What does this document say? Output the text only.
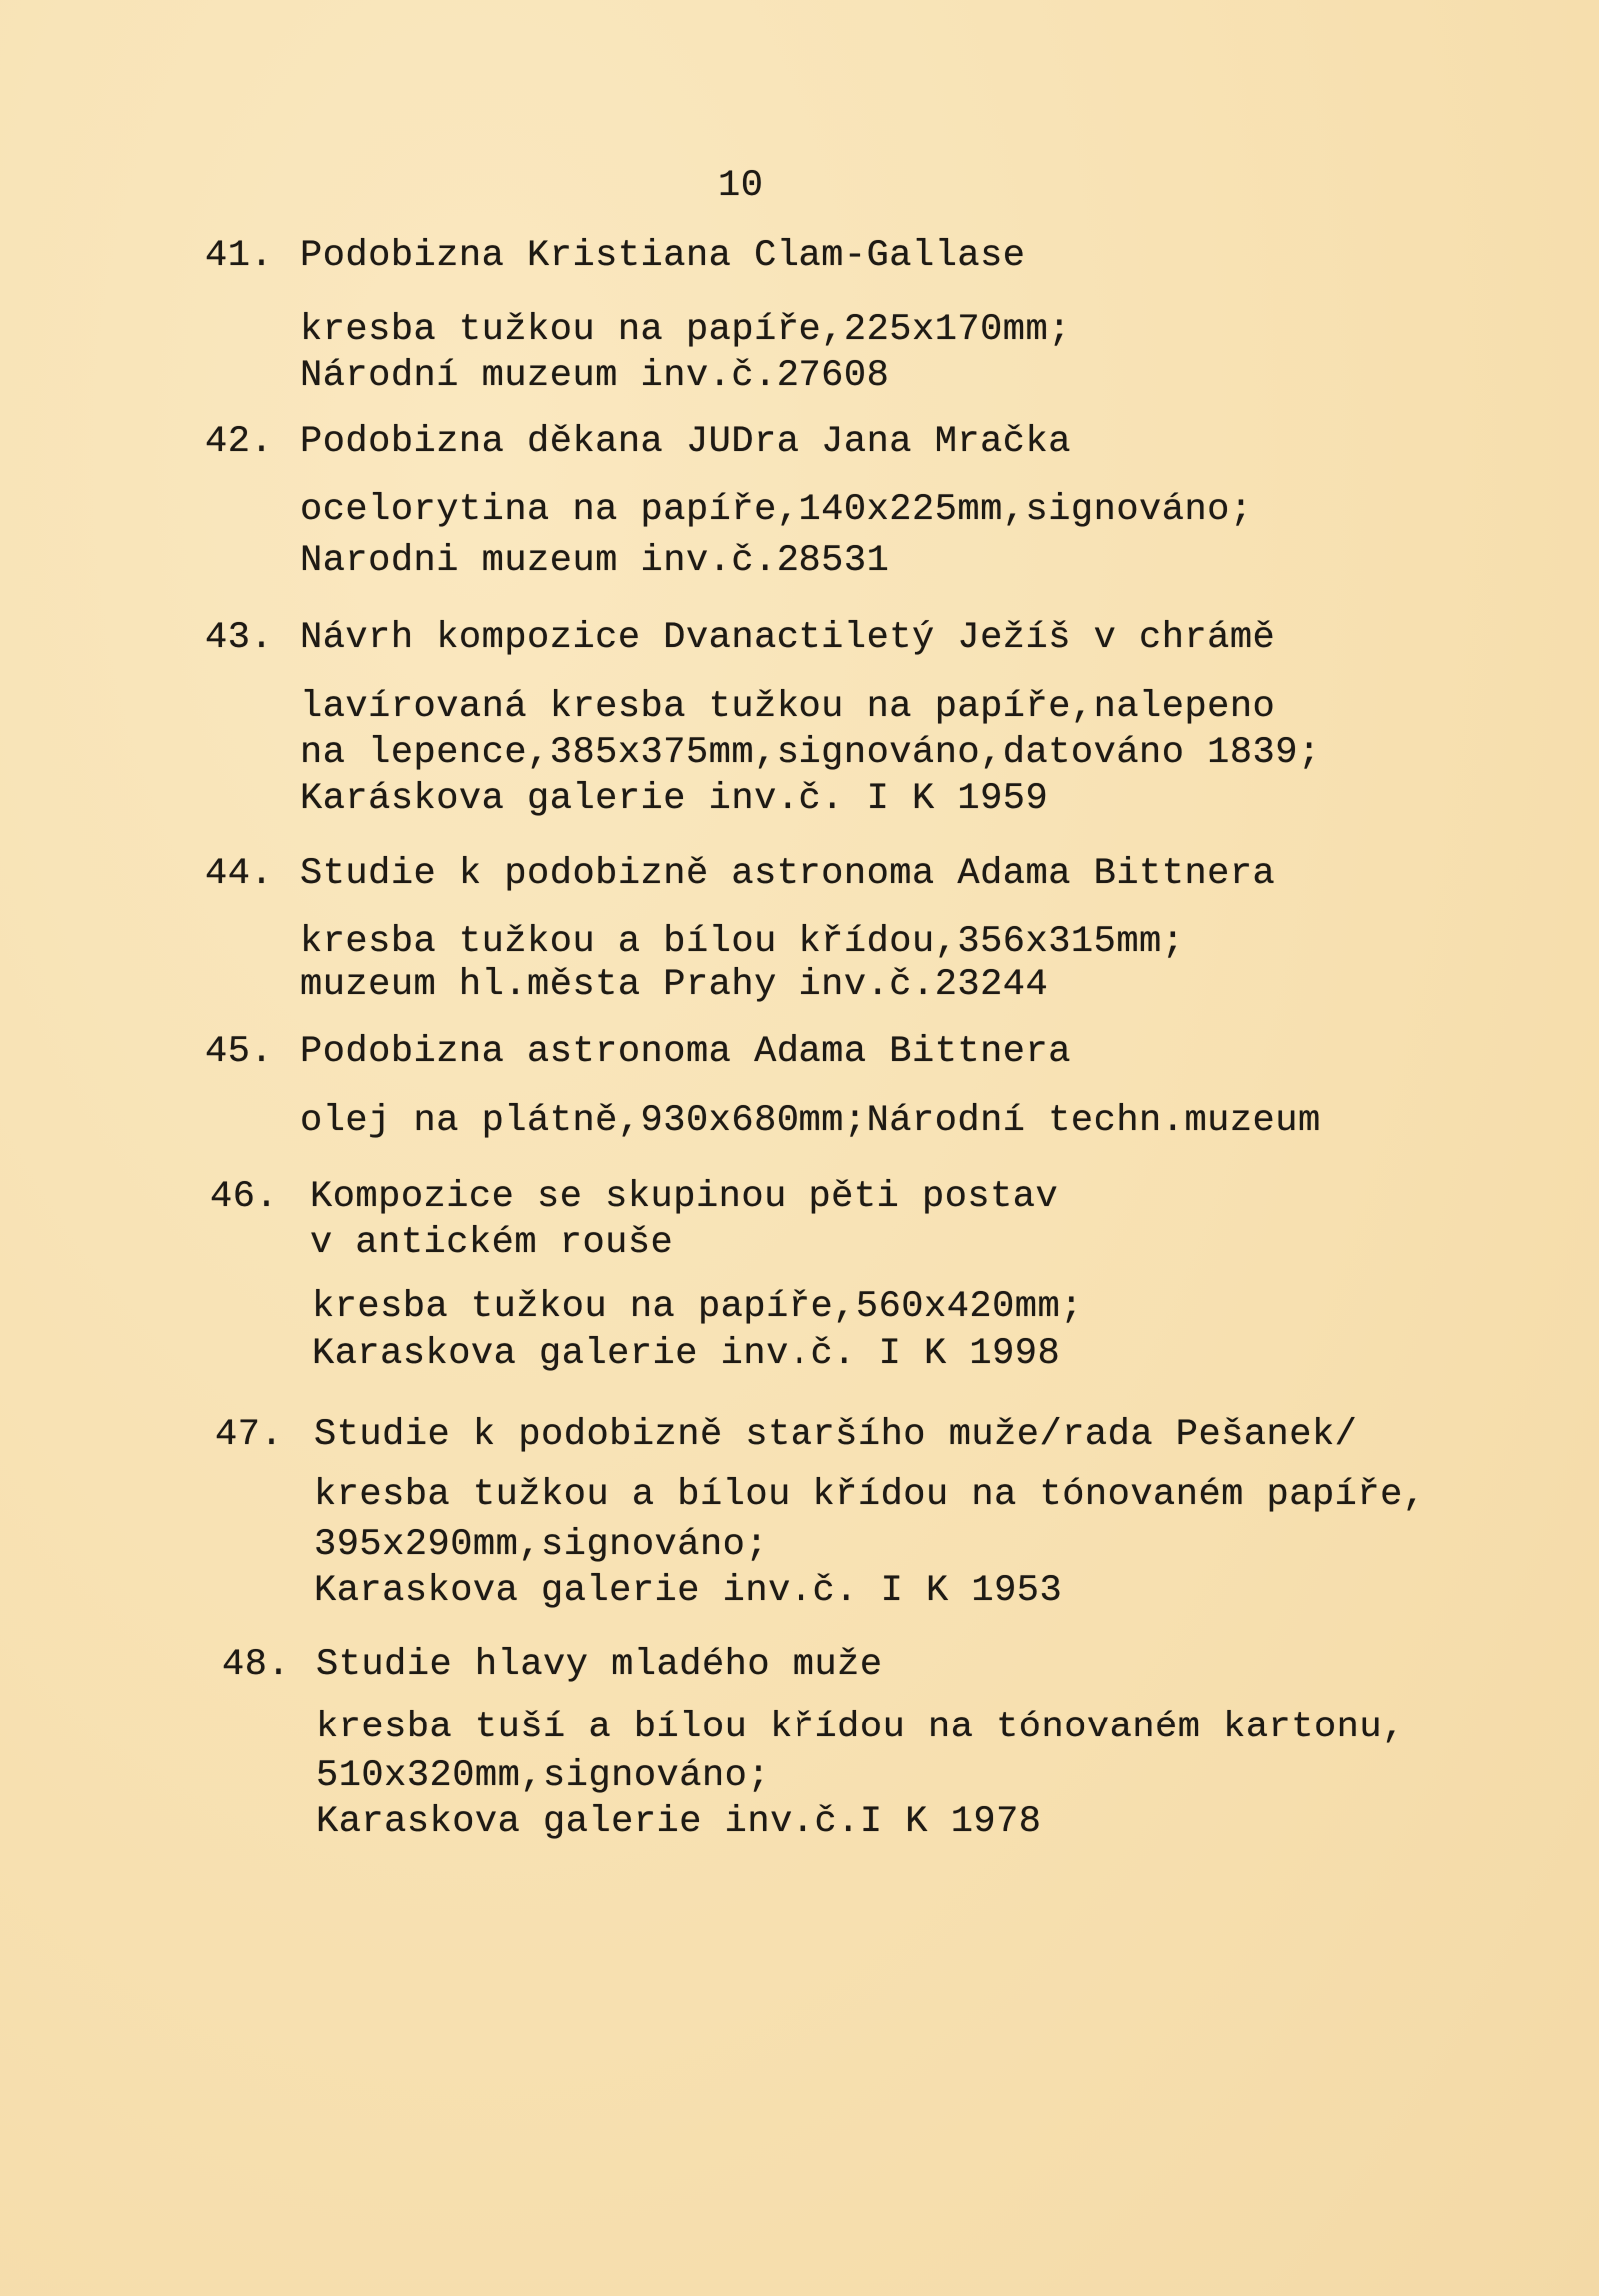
10
41. Podobizna Kristiana Clam-Gallase
kresba tužkou na papíře,225x170mm;
Národní muzeum inv.č.27608
42. Podobizna děkana JUDra Jana Mračka
ocelorytina na papíře,140x225mm,signováno;
Narodni muzeum inv.č.28531
43. Návrh kompozice Dvanactiletý Ježíš v chrámě
lavírovaná kresba tužkou na papíře,nalepeno
na lepence,385x375mm,signováno,datováno 1839;
Karáskova galerie inv.č. I K 1959
44. Studie k podobizně astronoma Adama Bittnera
kresba tužkou a bílou křídou,356x315mm;
muzeum hl.města Prahy inv.č.23244
45. Podobizna astronoma Adama Bittnera
olej na plátně,930x680mm;Národní techn.muzeum
46. Kompozice se skupinou pěti postav
v antickém rouše
kresba tužkou na papíře,560x420mm;
Karaskova galerie inv.č. I K 1998
47. Studie k podobizně staršího muže/rada Pešanek/
kresba tužkou a bílou křídou na tónovaném papíře,
395x290mm,signováno;
Karaskova galerie inv.č. I K 1953
48. Studie hlavy mladého muže
kresba tuší a bílou křídou na tónovaném kartonu,
510x320mm,signováno;
Karaskova galerie inv.č.I K 1978
